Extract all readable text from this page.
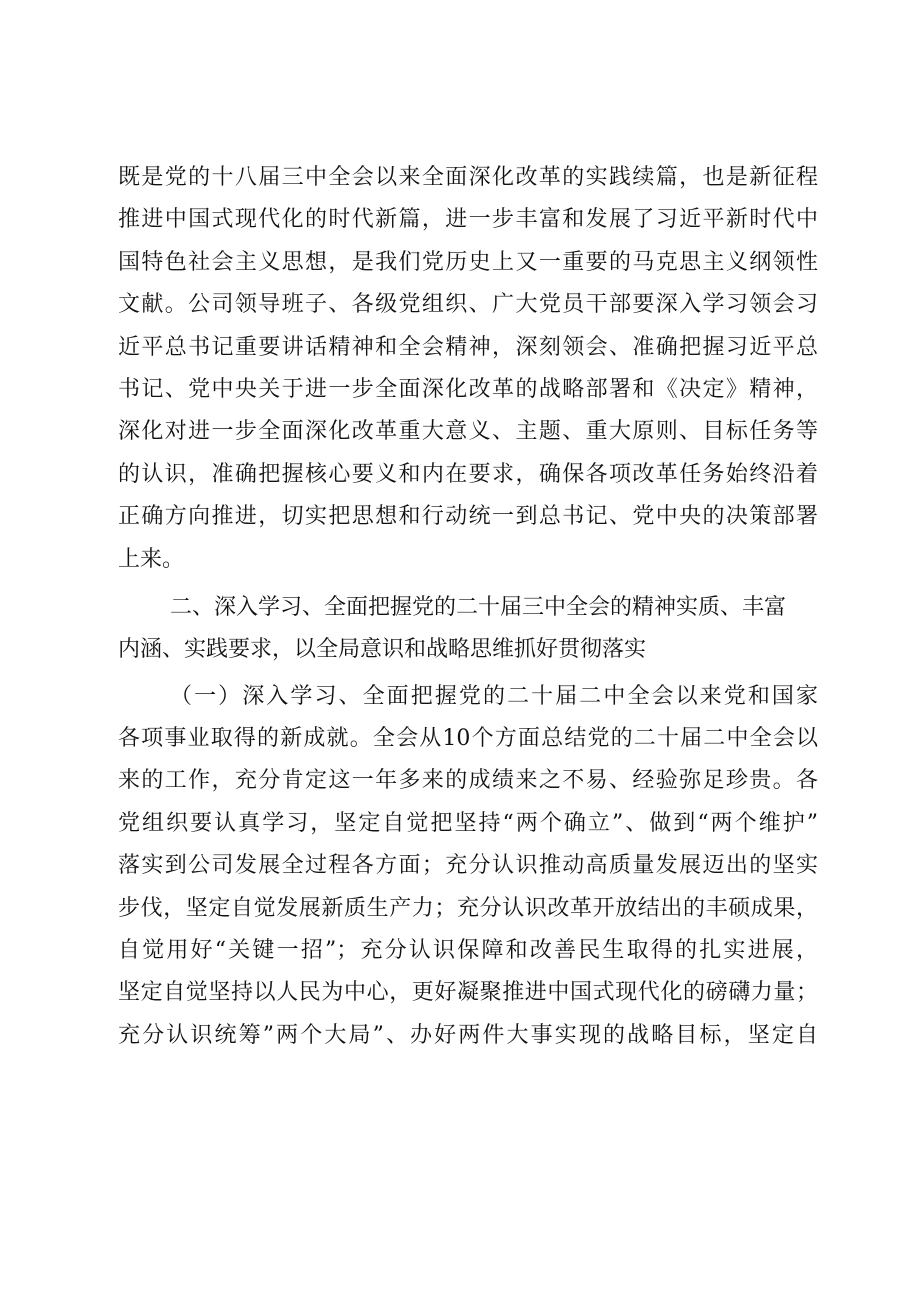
既是党的十八届三中全会以来全面深化改革的实践续篇，也是新征程
推进中国式现代化的时代新篇，进一步丰富和发展了习近平新时代中
国特色社会主义思想，是我们党历史上又一重要的马克思主义纲领性
文献。公司领导班子、各级党组织、广大党员干部要深入学习领会习
近平总书记重要讲话精神和全会精神，深刻领会、准确把握习近平总
书记、党中央关于进一步全面深化改革的战略部署和《决定》精神，
深化对进一步全面深化改革重大意义、主题、重大原则、目标任务等
的认识，准确把握核心要义和内在要求，确保各项改革任务始终沿着
正确方向推进，切实把思想和行动统一到总书记、党中央的决策部署
上来。
二、深入学习、全面把握党的二十届三中全会的精神实质、丰富
内涵、实践要求，以全局意识和战略思维抓好贯彻落实
（一）深入学习、全面把握党的二十届二中全会以来党和国家
各项事业取得的新成就。全会从10个方面总结党的二十届二中全会以
来的工作，充分肯定这一年多来的成绩来之不易、经验弥足珍贵。各
党组织要认真学习，坚定自觉把坚持“两个确立”、做到“两个维护”
落实到公司发展全过程各方面；充分认识推动高质量发展迈出的坚实
步伐，坚定自觉发展新质生产力；充分认识改革开放结出的丰硕成果，
自觉用好“关键一招”；充分认识保障和改善民生取得的扎实进展，
坚定自觉坚持以人民为中心，更好凝聚推进中国式现代化的磅礴力量；
充分认识统筹”两个大局”、办好两件大事实现的战略目标，坚定自
